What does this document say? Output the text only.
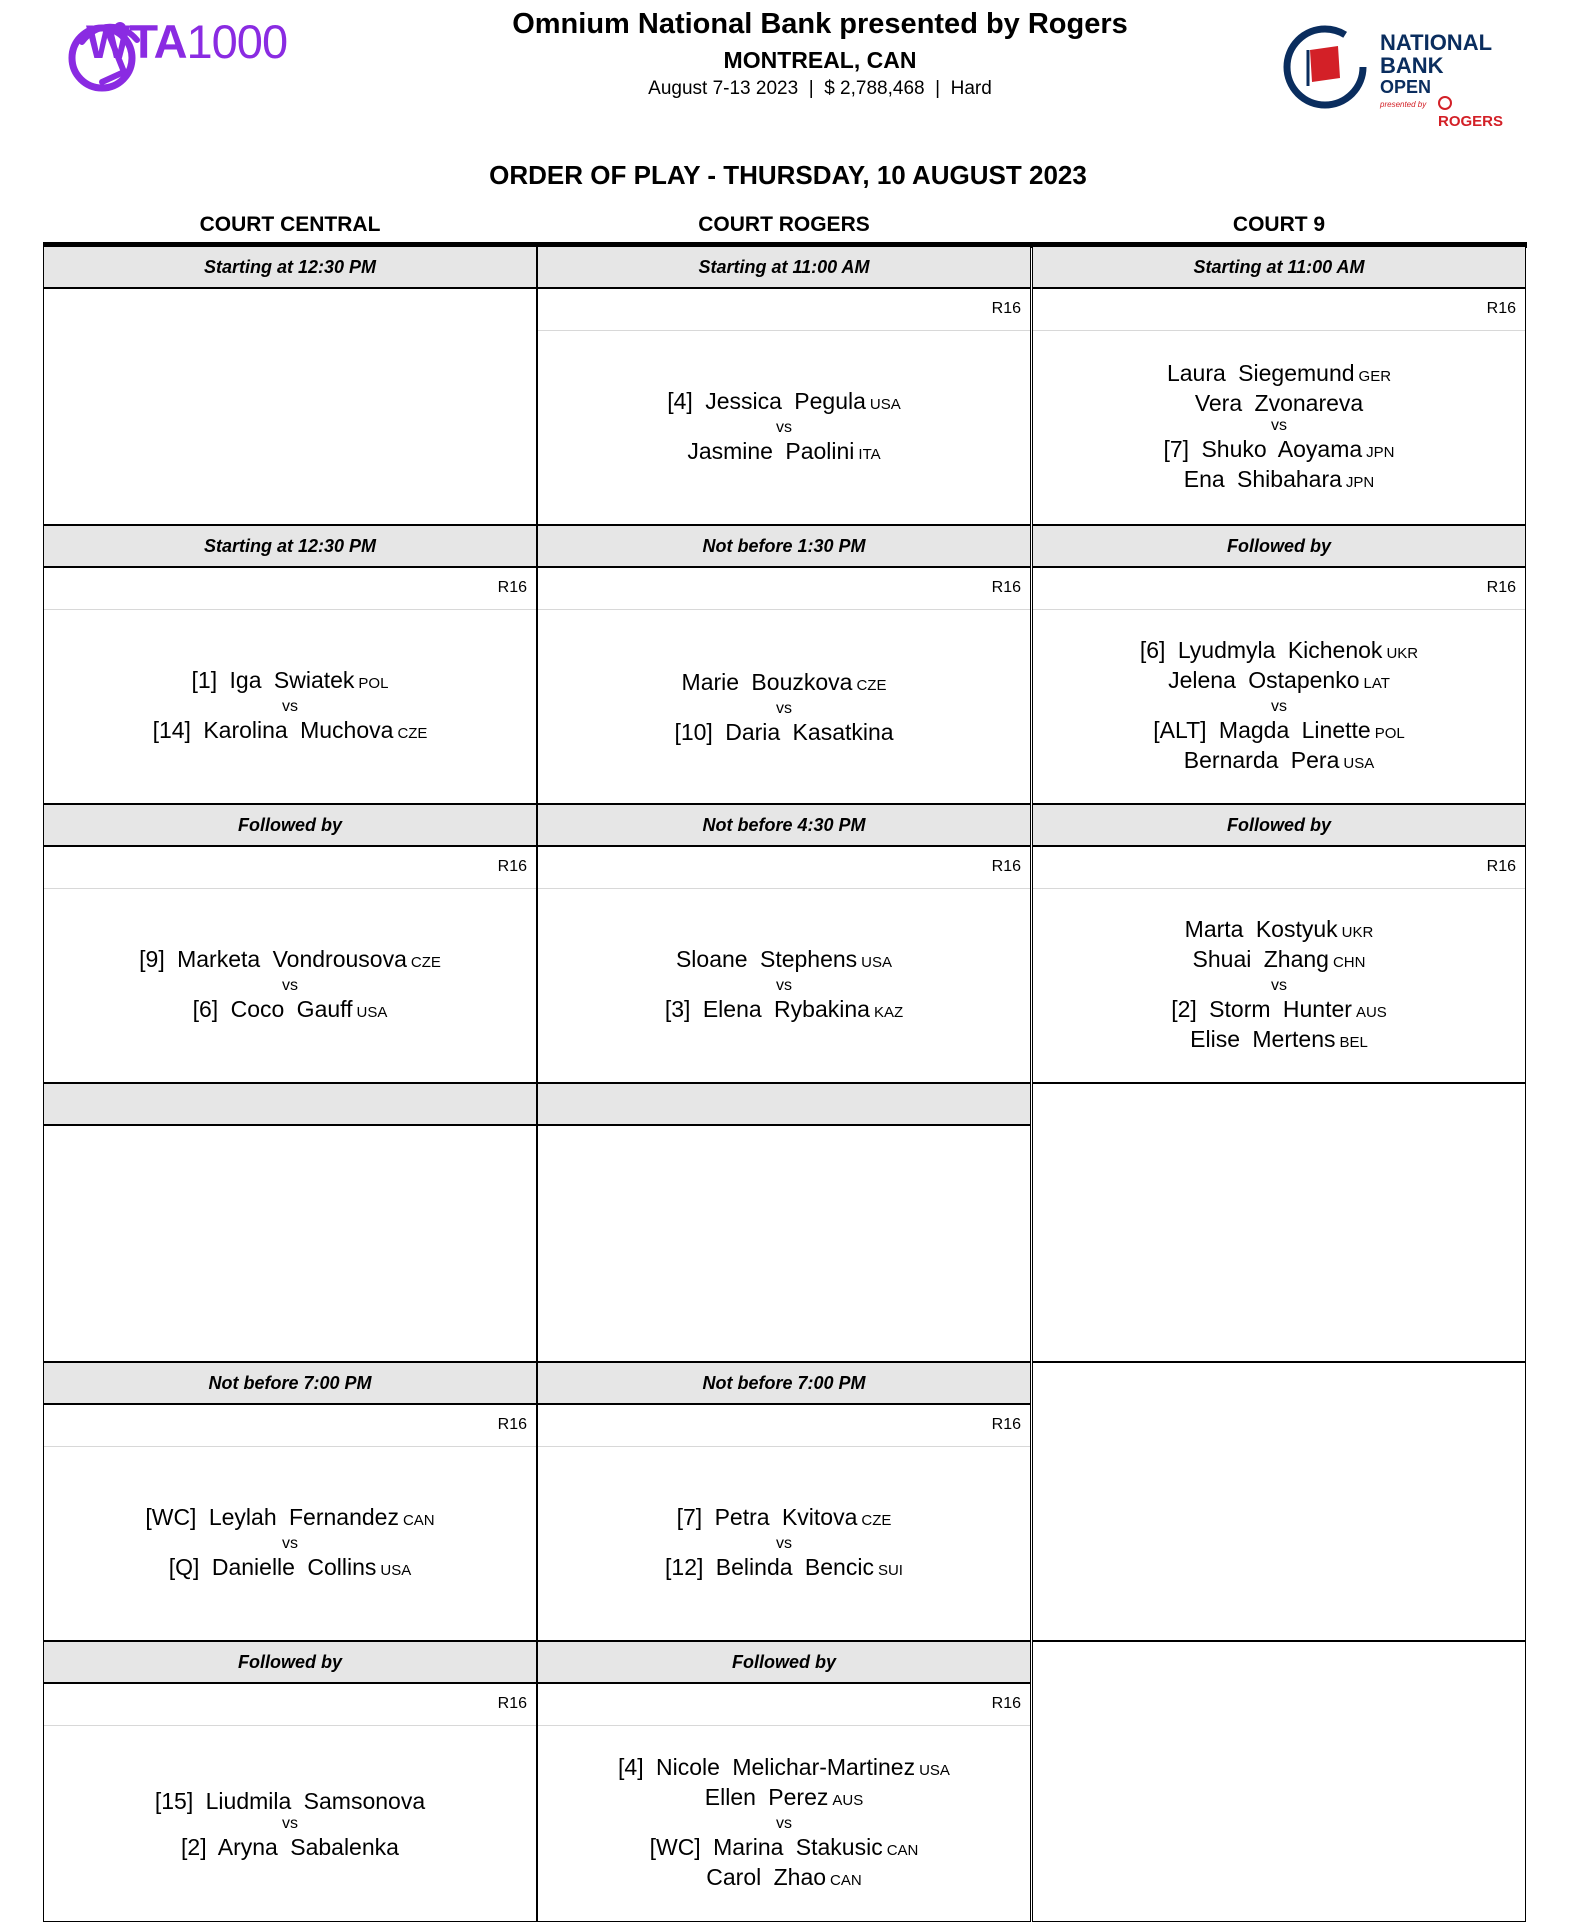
WTA1000	Omnium National Bank presented by Rogers
MONTREAL, CAN
August 7-13 2023  |  $ 2,788,468  |  Hard
NATIONAL
BANK
OPEN
presented by
ROGERS
ORDER OF PLAY - THURSDAY, 10 AUGUST 2023
COURT CENTRAL
Starting at 12:30 PM
Starting at 12:30 PM
R16
[1] Iga Swiatek POL
vs
[14] Karolina Muchova CZE
Followed by
R16
[9] Marketa Vondrousova CZE
vs
[6] Coco Gauff USA
Not before 7:00 PM
R16
[WC] Leylah Fernandez CAN
vs
[Q] Danielle Collins USA
Followed by
R16
[15] Liudmila Samsonova
vs
[2] Aryna Sabalenka
COURT ROGERS
Starting at 11:00 AM
R16
[4] Jessica Pegula USA
vs
Jasmine Paolini ITA
Not before 1:30 PM
R16
Marie Bouzkova CZE
vs
[10] Daria Kasatkina
Not before 4:30 PM
R16
Sloane Stephens USA
vs
[3] Elena Rybakina KAZ
Not before 7:00 PM
R16
[7] Petra Kvitova CZE
vs
[12] Belinda Bencic SUI
Followed by
R16
[4] Nicole Melichar-Martinez USA
Ellen Perez AUS
vs
[WC] Marina Stakusic CAN
Carol Zhao CAN
COURT 9
Starting at 11:00 AM
R16
Laura Siegemund GER
Vera Zvonareva
vs
[7] Shuko Aoyama JPN
Ena Shibahara JPN
Followed by
R16
[6] Lyudmyla Kichenok UKR
Jelena Ostapenko LAT
vs
[ALT] Magda Linette POL
Bernarda Pera USA
Followed by
R16
Marta Kostyuk UKR
Shuai Zhang CHN
vs
[2] Storm Hunter AUS
Elise Mertens BEL
